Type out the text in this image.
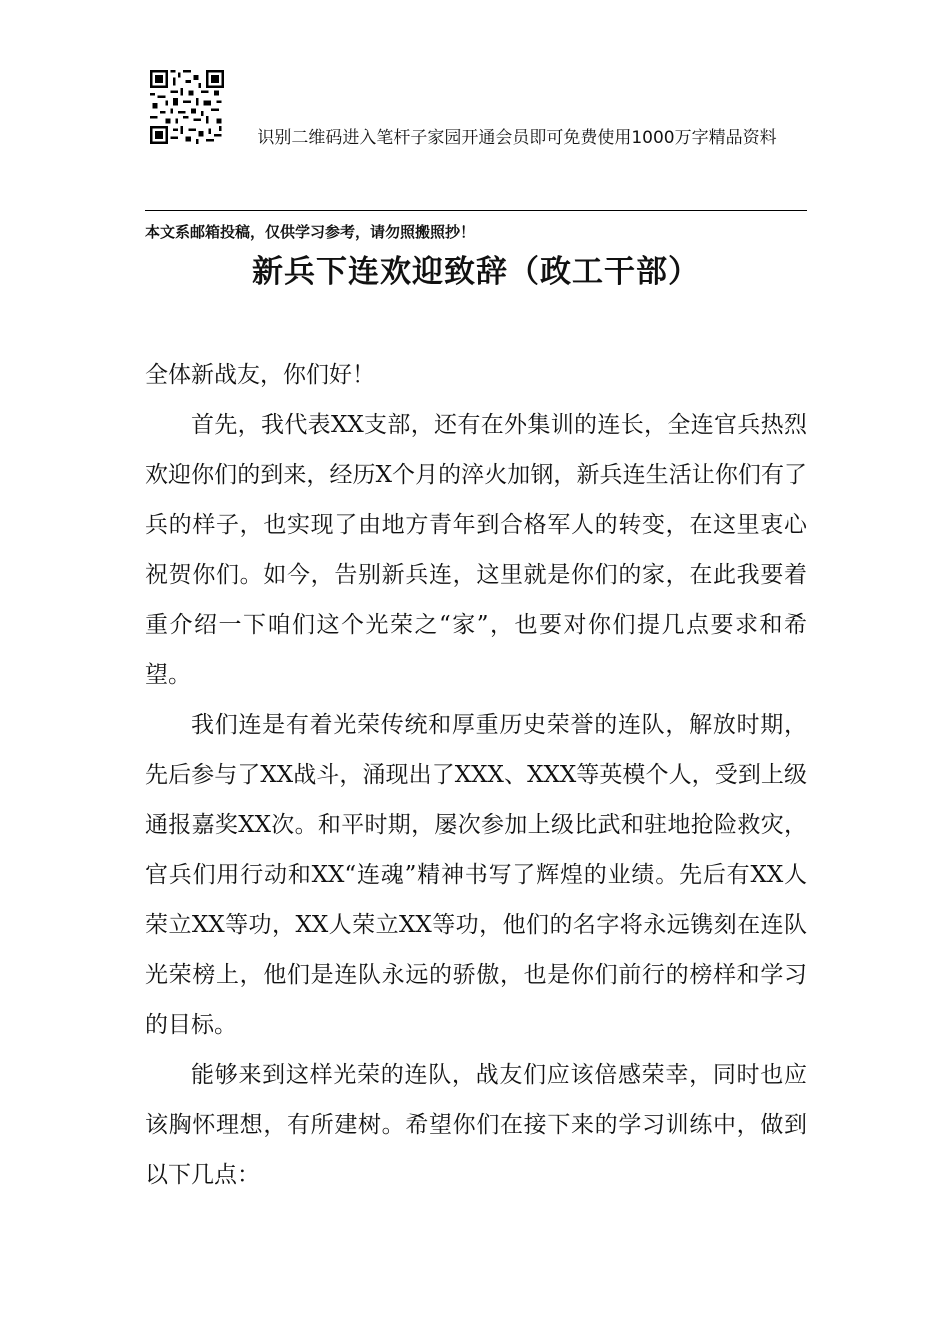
识别二维码进入笔杆子家园开通会员即可免费使用1000万字精品资料
本文系邮箱投稿，仅供学习参考，请勿照搬照抄！
新兵下连欢迎致辞（政工干部）

全体新战友，你们好！

首先，我代表XX支部，还有在外集训的连长，全连官兵热烈欢迎你们的到来，经历X个月的淬火加钢，新兵连生活让你们有了兵的样子，也实现了由地方青年到合格军人的转变，在这里衷心祝贺你们。如今，告别新兵连，这里就是你们的家，在此我要着重介绍一下咱们这个光荣之“家”，也要对你们提几点要求和希望。

我们连是有着光荣传统和厚重历史荣誉的连队，解放时期，先后参与了XX战斗，涌现出了XXX、XXX等英模个人，受到上级通报嘉奖XX次。和平时期，屡次参加上级比武和驻地抢险救灾，官兵们用行动和XX“连魂”精神书写了辉煌的业绩。先后有XX人荣立XX等功，XX人荣立XX等功，他们的名字将永远镌刻在连队光荣榜上，他们是连队永远的骄傲，也是你们前行的榜样和学习的目标。

能够来到这样光荣的连队，战友们应该倍感荣幸，同时也应该胸怀理想，有所建树。希望你们在接下来的学习训练中，做到以下几点：
